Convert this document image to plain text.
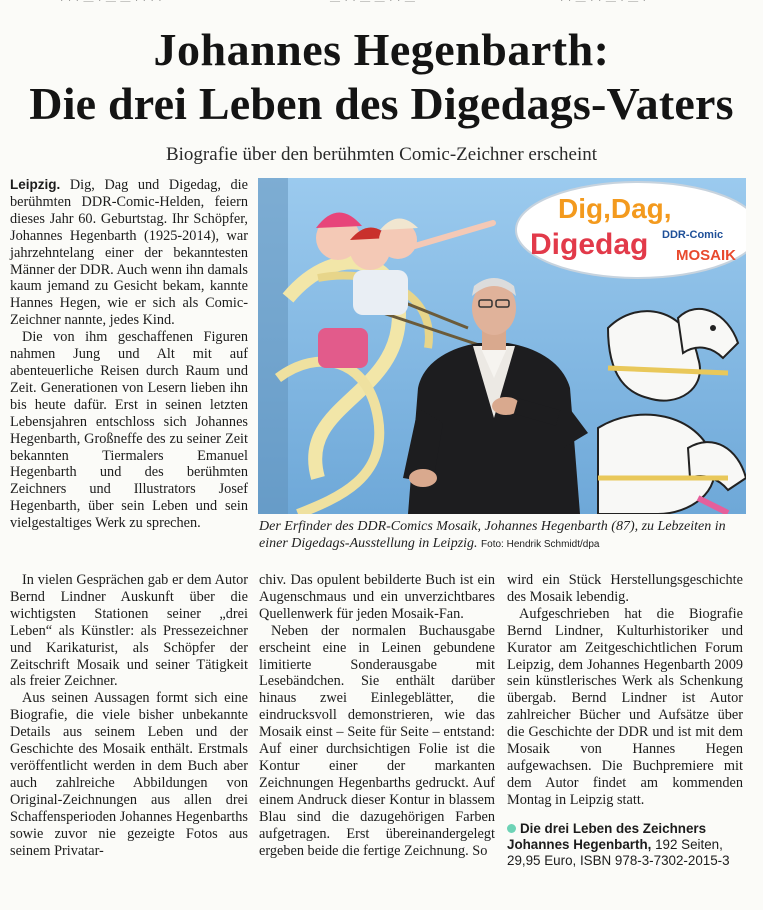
· · · — · — — · · · ·	— · · — — · · —	· · — · · — · — ·
Johannes Hegenbarth:
Die drei Leben des Digedags-Vaters
Biografie über den berühmten Comic-Zeichner erscheint

Leipzig. Dig, Dag und Digedag, die berühmten DDR-Comic-Helden, feiern dieses Jahr 60. Geburtstag. Ihr Schöpfer, Johannes Hegenbarth (1925-2014), war jahrzehntelang einer der bekanntesten Männer der DDR. Auch wenn ihn damals kaum jemand zu Gesicht bekam, kannte Hannes Hegen, wie er sich als Comic-Zeichner nannte, jedes Kind.

Die von ihm geschaffenen Figuren nahmen Jung und Alt mit auf abenteuerliche Reisen durch Raum und Zeit. Generationen von Lesern lieben ihn bis heute dafür. Erst in seinen letzten Lebensjahren entschloss sich Johannes Hegenbarth, Großneffe des zu seiner Zeit bekannten Tiermalers Emanuel Hegenbarth und des berühmten Zeichners und Illustrators Josef Hegenbarth, über sein Leben und sein vielgestaltiges Werk zu sprechen.

Dig,Dag,
Digedag DDR-Comic
MOSAIK
Der Erfinder des DDR-Comics Mosaik, Johannes Hegenbarth (87), zu Lebzeiten in einer Digedags-Ausstellung in Leipzig. Foto: Hendrik Schmidt/dpa

In vielen Gesprächen gab er dem Autor Bernd Lindner Auskunft über die wichtigsten Stationen seiner „drei Leben“ als Künstler: als Pressezeichner und Karikaturist, als Schöpfer der Zeitschrift Mosaik und seiner Tätigkeit als freier Zeichner.

Aus seinen Aussagen formt sich eine Biografie, die viele bisher unbekannte Details aus seinem Leben und der Geschichte des Mosaik enthält. Erstmals veröffentlicht werden in dem Buch aber auch zahlreiche Abbildungen von Original-Zeichnungen aus allen drei Schaffensperioden Johannes Hegenbarths sowie zuvor nie gezeigte Fotos aus seinem Privatar-

chiv. Das opulent bebilderte Buch ist ein Augenschmaus und ein unverzichtbares Quellenwerk für jeden Mosaik-Fan.

Neben der normalen Buchausgabe erscheint eine in Leinen gebundene limitierte Sonderausgabe mit Lesebändchen. Sie enthält darüber hinaus zwei Einlegeblätter, die eindrucksvoll demonstrieren, wie das Mosaik einst – Seite für Seite – entstand: Auf einer durchsichtigen Folie ist die Kontur einer der markanten Zeichnungen Hegenbarths gedruckt. Auf einem Andruck dieser Kontur in blassem Blau sind die dazugehörigen Farben aufgetragen. Erst übereinandergelegt ergeben beide die fertige Zeichnung. So

wird ein Stück Herstellungsgeschichte des Mosaik lebendig.

Aufgeschrieben hat die Biografie Bernd Lindner, Kulturhistoriker und Kurator am Zeitgeschichtlichen Forum Leipzig, dem Johannes Hegenbarth 2009 sein künstlerisches Werk als Schenkung übergab. Bernd Lindner ist Autor zahlreicher Bücher und Aufsätze über die Geschichte der DDR und ist mit dem Mosaik von Hannes Hegen aufgewachsen. Die Buchpremiere mit dem Autor findet am kommenden Montag in Leipzig statt.

Die drei Leben des Zeichners Johannes Hegenbarth, 192 Seiten, 29,95 Euro, ISBN 978-3-7302-2015-3
